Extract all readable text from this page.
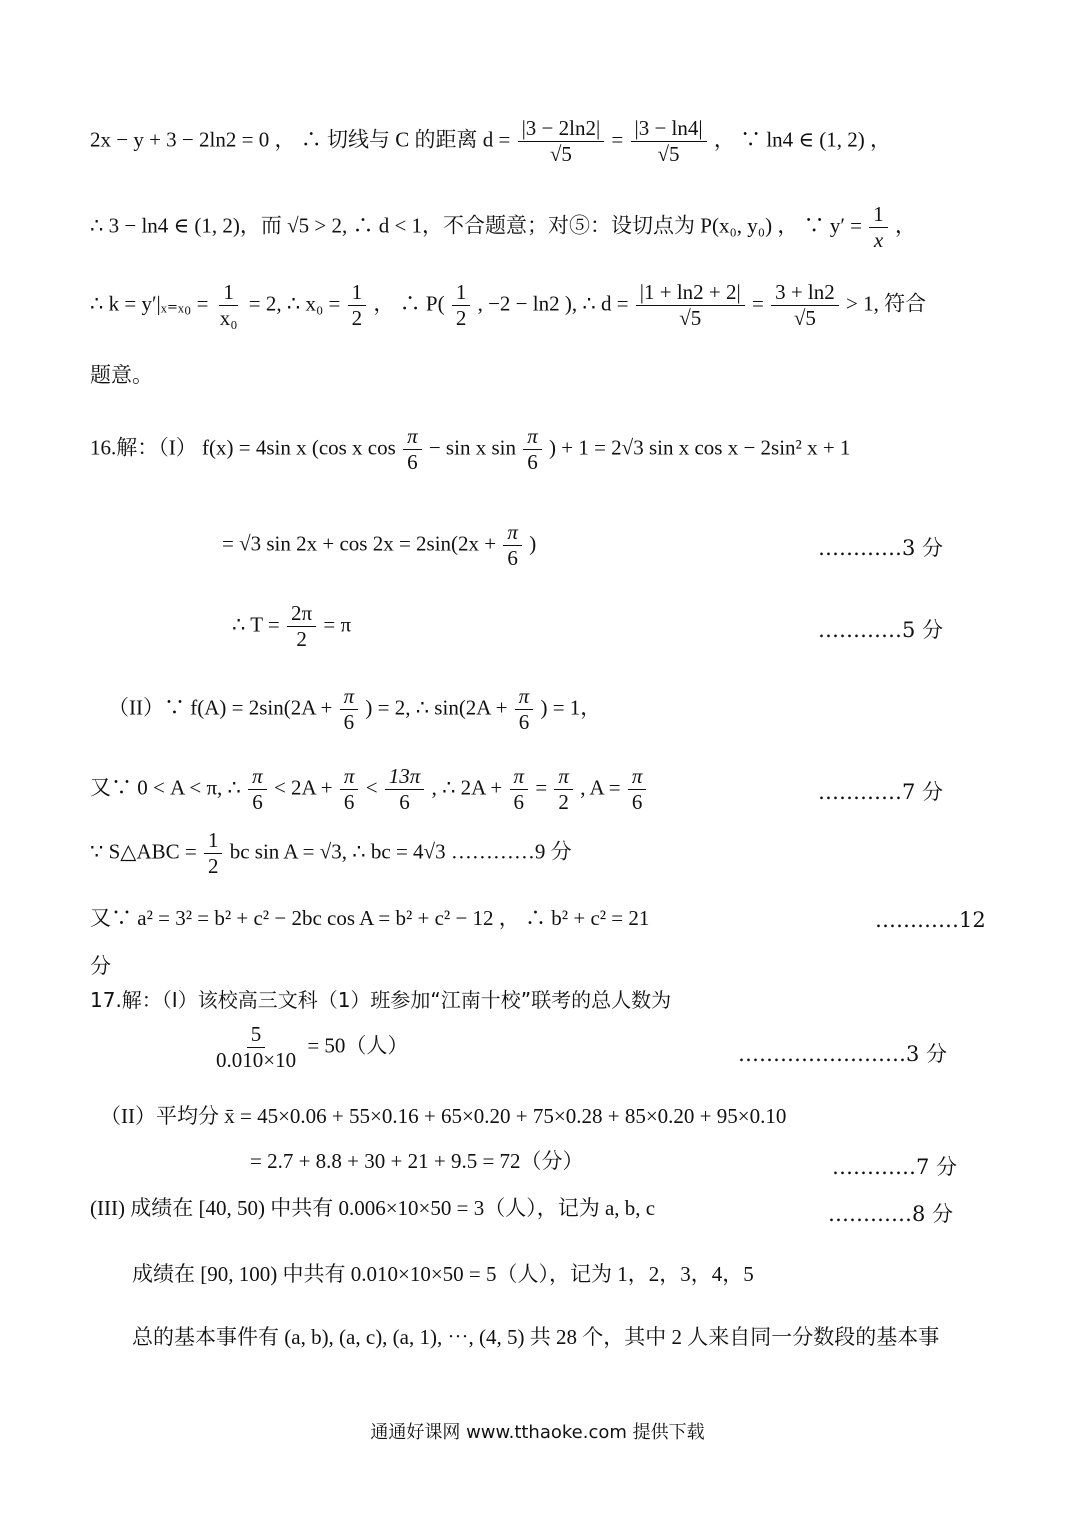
2x − y + 3 − 2ln2 = 0 ， ∴ 切线与 C 的距离 $d = \frac{|3 - 2\ln 2|}{√5} = \frac{|3 - \ln 4|}{√5}$ ， ∵ ln4 ∈ (1, 2) ，
∴ 3 − ln4 ∈ (1, 2)，而 √5 > 2, ∴ d < 1，不合题意；对⑤：设切点为 P(x₀, y₀) ， ∵ $y' = \frac{1}{x}$ ，
∴ $k = y'|_{x=x0} = \frac{1}{\text{x₀}} = 2$, ∴ $x_0 = \frac{1}{2}$ ， ∴ $P( \frac{1}{2}$ , −2 − ln2 ), ∴ $d = \frac{|1 + \ln 2 + 2|}{√5} = \frac{3 + \ln 2}{√5} > 1$, 符合
题意。
16.解：（I） f(x) = 4sin x (cos x $\cos \frac{\pi}{6} - \sin x$ $\sin \frac{\pi}{6}$ ) + 1 = 2√3 sin x cos x − 2sin² x + 1
= √3 $\sin 2x + \cos 2x = 2\sin(2x + \frac{\pi}{6}$ )	…………3 分
∴ $T = \frac{2\pi}{2} = \pi$	…………5 分
（II）∵ $f(A) = 2\sin(2A + \frac{\pi}{6}$ ) = 2, ∴ $\sin(2A + \frac{\pi}{6}$ ) = 1，
又∵ 0 < A < π, ∴ $\frac{\pi}{6} < 2A + \frac{\pi}{6} < \frac{13\pi}{6}$ , ∴ $2A + \frac{\pi}{6} = \frac{\pi}{2}$ , $A = \frac{\pi}{6}$	…………7 分
∵ S△ABC = $\frac{1}{2}$ bc sin A = √3, ∴ bc = 4√3 …………9 分
又∵ a² = 3² = b² + c² − 2bc cos A = b² + c² − 12 ， ∴ b² + c² = 21	…………12
分
17.解：（I）该校高三文科（1）班参加“江南十校”联考的总人数为
$\frac{5}{0.010\times 10} = 50$（人）	……………………3 分
（II）平均分 x̄ = 45×0.06 + 55×0.16 + 65×0.20 + 75×0.28 + 85×0.20 + 95×0.10
= 2.7 + 8.8 + 30 + 21 + 9.5 = 72（分）	…………7 分
(III) 成绩在 [40, 50) 中共有 0.006×10×50 = 3（人），记为 a, b, c	…………8 分
成绩在 [90, 100) 中共有 0.010×10×50 = 5（人），记为 1，2，3，4，5
总的基本事件有 (a, b), (a, c), (a, 1), ⋯, (4, 5) 共 28 个，其中 2 人来自同一分数段的基本事
通通好课网 www.tthaoke.com 提供下载
